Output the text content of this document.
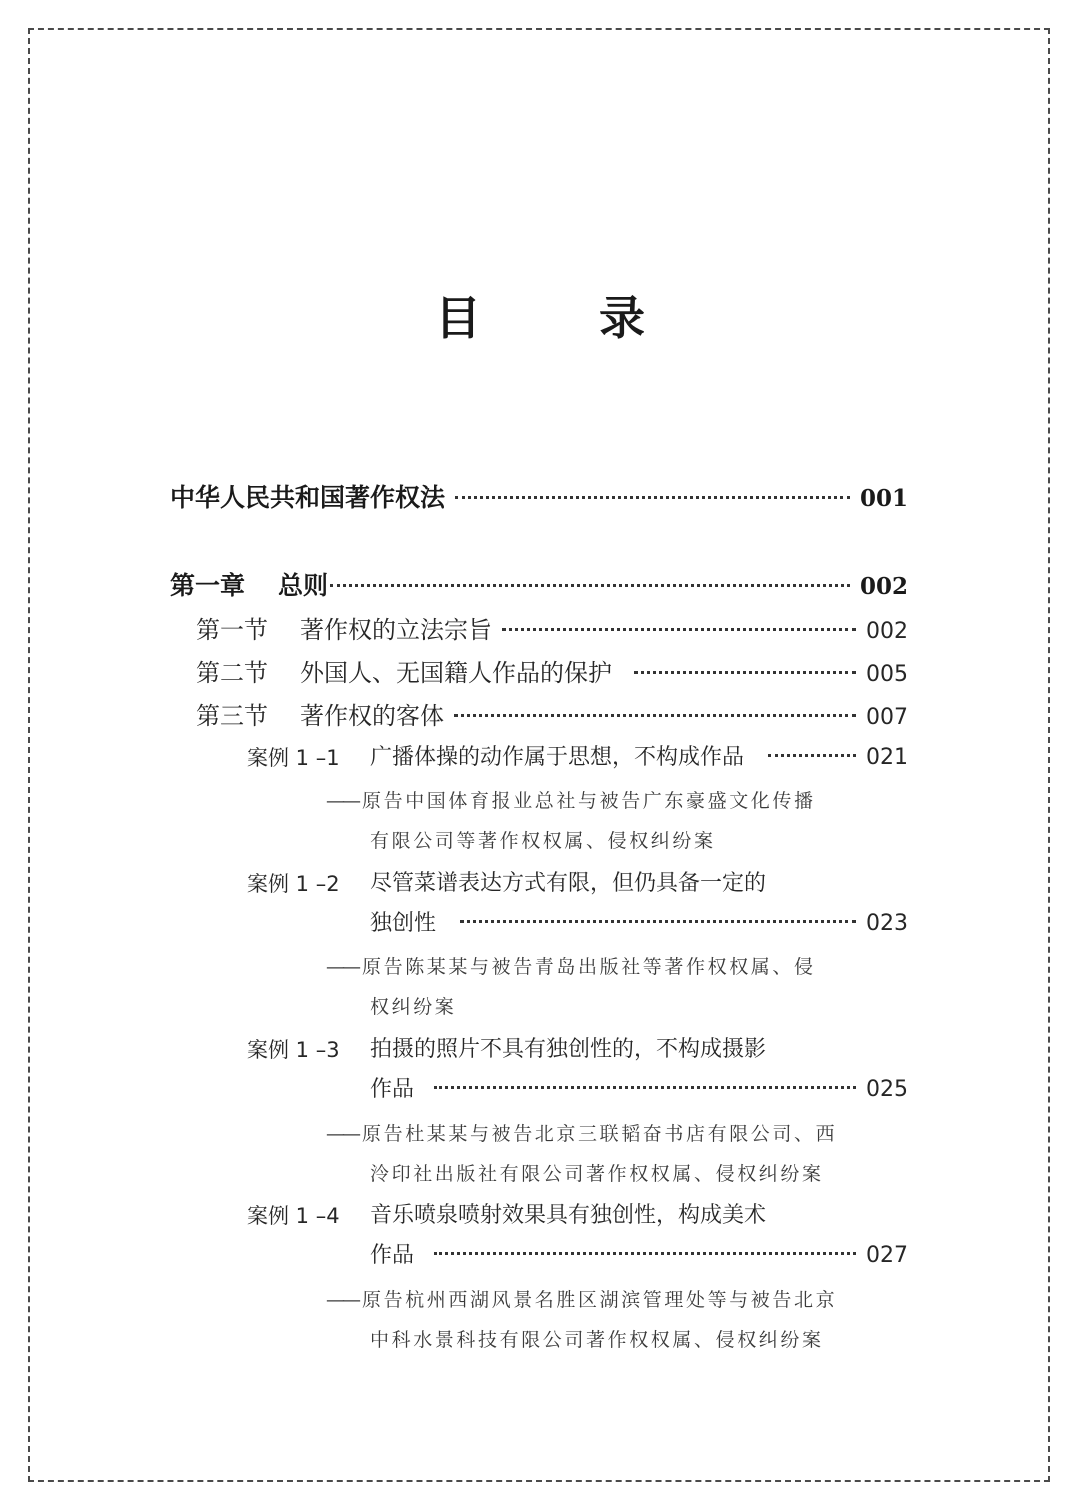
目　录
中华人民共和国著作权法	001
第一章 总则	002
第一节 著作权的立法宗旨	002
第二节 外国人、无国籍人作品的保护	005
第三节 著作权的客体	007
案例 1 –1 广播体操的动作属于思想，不构成作品	021
—— 原告中国体育报业总社与被告广东豪盛文化传播
有限公司等著作权权属、侵权纠纷案
案例 1 –2 尽管菜谱表达方式有限，但仍具备一定的
独创性	023
—— 原告陈某某与被告青岛出版社等著作权权属、侵
权纠纷案
案例 1 –3 拍摄的照片不具有独创性的，不构成摄影
作品	025
—— 原告杜某某与被告北京三联韬奋书店有限公司、西
泠印社出版社有限公司著作权权属、侵权纠纷案
案例 1 –4 音乐喷泉喷射效果具有独创性，构成美术
作品	027
—— 原告杭州西湖风景名胜区湖滨管理处等与被告北京
中科水景科技有限公司著作权权属、侵权纠纷案
